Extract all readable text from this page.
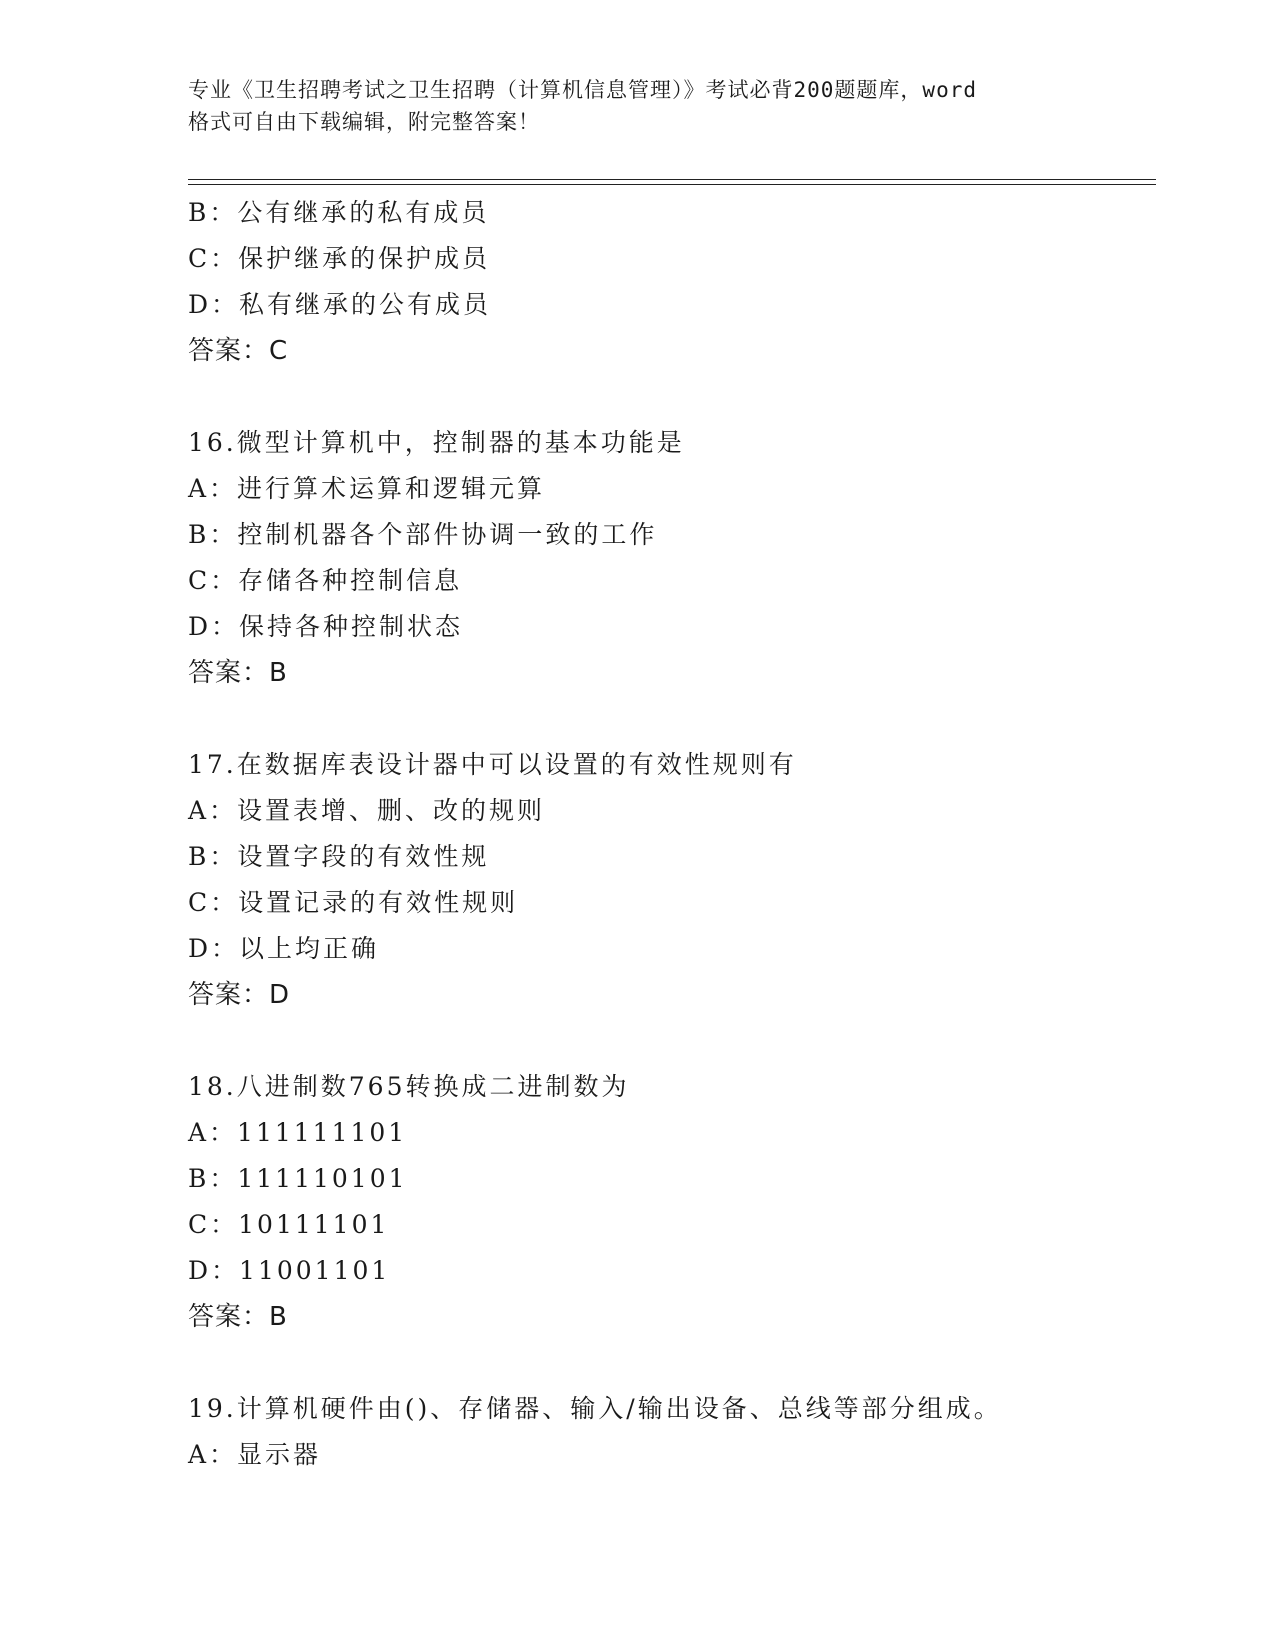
专业《卫生招聘考试之卫生招聘（计算机信息管理）》考试必背200题题库，word
格式可自由下载编辑，附完整答案！
B：公有继承的私有成员
C：保护继承的保护成员
D：私有继承的公有成员
答案：C
16.微型计算机中，控制器的基本功能是
A：进行算术运算和逻辑元算
B：控制机器各个部件协调一致的工作
C：存储各种控制信息
D：保持各种控制状态
答案：B
17.在数据库表设计器中可以设置的有效性规则有
A：设置表增、删、改的规则
B：设置字段的有效性规
C：设置记录的有效性规则
D：以上均正确
答案：D
18.八进制数765转换成二进制数为
A：111111101
B：111110101
C：10111101
D：11001101
答案：B
19.计算机硬件由()、存储器、输入/输出设备、总线等部分组成。
A：显示器
